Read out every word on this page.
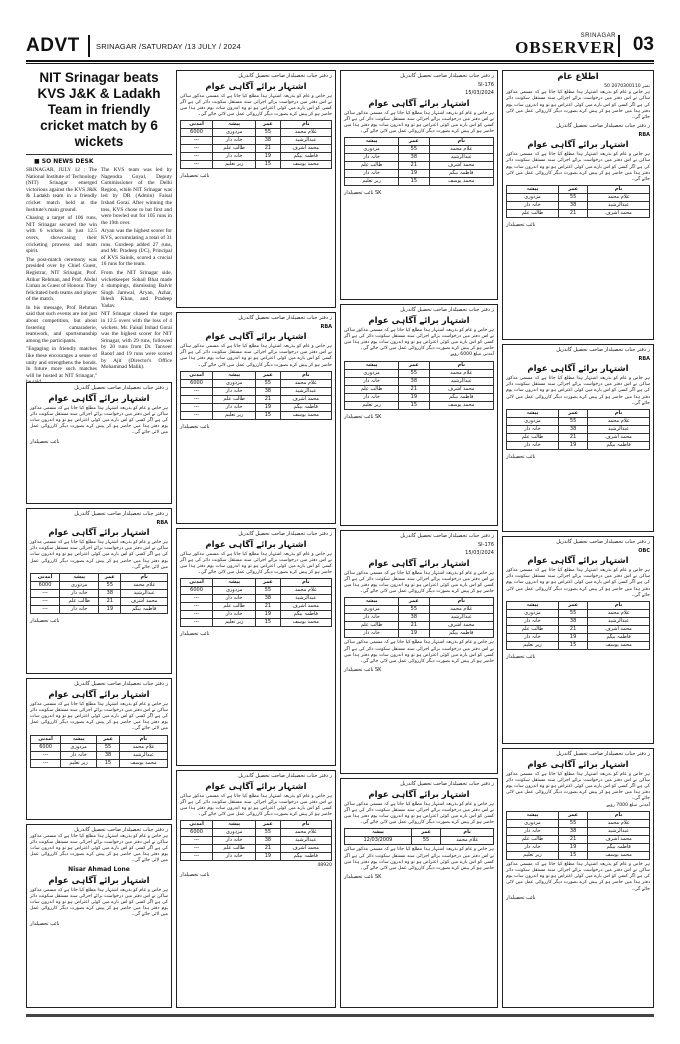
ADVT SRINAGAR /SATURDAY /13 JULY / 2024
SRINAGAR
OBSERVER 03
NIT Srinagar beats KVS J&K & Ladakh Team in friendly cricket match by 6 wickets
■ SO NEWS DESK

SRINAGAR, JULY 12 : The National Institute of Technology (NIT) Srinagar emerged victorious against the KVS J&K & Ladakh team in a friendly cricket match held at the Institute's main ground.

Chasing a target of 106 runs, NIT Srinagar secured the win with 6 wickets in just 12.5 overs, showcasing their cricketing prowess and team spirit.

The post-match ceremony was presided over by Chief Guest, Registrar, NIT Srinagar, Prof. Atikur Rehman, and Prof. Abdul Liman as Guest of Honour. They felicitated both teams and player of the match.

In his message, Prof Rehman said that such events are not just about competition, but about fostering camaraderie, teamwork, and sportsmanship among the participants.

"Engaging in friendly matches like these encourages a sense of unity and strengthens the bonds. In future more such matches will be hosted at NIT Srinagar,"

The KVS team was led by Nagendra Goyal, Deputy Commissioner of the Delhi Region, while NIT Srinagar was led by DR (Admin) Faisal Irshad Gorai. After winning the toss, KVS chose to bat first and were bowled out for 105 runs in the 19th over.

Aryan was the highest scorer for KVS, accumulating a total of 31 runs. Gurdeep added 27 runs, and Mr. Pradeep (I/C), Principal of KVS Sainik, scored a crucial 16 runs for the team.

From the NIT Srinagar side, wicketkeeper Sohail Bhat made 4 stumpings, dismissing Balvir Singh Jamwal, Aryan, Azhar, Iklesh Khan, and Pradeep Yadav.

NIT Srinagar chased the target in 12.5 overs with the loss of 4 wickets. Mr. Faisal Irshad Gorai was the highest scorer for NIT Srinagar, with 29 runs, followed by 20 runs from Dr. Tanveer Raoof and 19 runs were scored by Ajit (Director's Office Mohammad Malik).

ز دفتر جناب تحصیلدار صاحب تحصیل گاندربل
اشتہار برائے آگاہی عوام
ہر خاص و عام کو بذریعہ اشتہار ہذا مطلع کیا جاتا ہے کہ مسمی مذکور ساکن نے اس دفتر میں درخواست برائے اجرائی سند مستقل سکونت دائر کی ہے اگر کسی کو اس بارے میں کوئی اعتراض ہو تو وہ اندرون سات یوم دفتر ہذا میں حاضر ہو کر پیش کرے بصورت دیگر کارروائی عمل میں لائی جائے گی۔
نائب تحصیلدار
ز دفتر جناب تحصیلدار صاحب تحصیل گاندربل
RBA
اشتہار برائے آگاہی عوام
ہر خاص و عام کو بذریعہ اشتہار ہذا مطلع کیا جاتا ہے کہ مسمی مذکور ساکن نے اس دفتر میں درخواست برائے اجرائی سند مستقل سکونت دائر کی ہے اگر کسی کو اس بارے میں کوئی اعتراض ہو تو وہ اندرون سات یوم دفتر ہذا میں حاضر ہو کر پیش کرے بصورت دیگر کارروائی عمل میں لائی جائے گی۔
نام	عمر	پیشہ	آمدنی
غلام محمد	55	مزدوری	6000
عبدالرشید	38	خانہ دار	---
محمد اشرف	21	طالب علم	---
فاطمہ بیگم	19	خانہ دار	---
نائب تحصیلدار
ز دفتر جناب تحصیلدار صاحب تحصیل گاندربل
اشتہار برائے آگاہی عوام
ہر خاص و عام کو بذریعہ اشتہار ہذا مطلع کیا جاتا ہے کہ مسمی مذکور ساکن نے اس دفتر میں درخواست برائے اجرائی سند مستقل سکونت دائر کی ہے اگر کسی کو اس بارے میں کوئی اعتراض ہو تو وہ اندرون سات یوم دفتر ہذا میں حاضر ہو کر پیش کرے بصورت دیگر کارروائی عمل میں لائی جائے گی۔
نام	عمر	پیشہ	آمدنی
غلام محمد	55	مزدوری	6000
عبدالرشید	38	خانہ دار	---
محمد یوسف	15	زیر تعلیم	---
ز دفتر جناب تحصیلدار صاحب تحصیل گاندربل
ہر خاص و عام کو بذریعہ اشتہار ہذا مطلع کیا جاتا ہے کہ مسمی مذکور ساکن نے اس دفتر میں درخواست برائے اجرائی سند مستقل سکونت دائر کی ہے اگر کسی کو اس بارے میں کوئی اعتراض ہو تو وہ اندرون سات یوم دفتر ہذا میں حاضر ہو کر پیش کرے بصورت دیگر کارروائی عمل میں لائی جائے گی۔
Nisar Ahmad Lone
اشتہار برائے آگاہی عوام
ہر خاص و عام کو بذریعہ اشتہار ہذا مطلع کیا جاتا ہے کہ مسمی مذکور ساکن نے اس دفتر میں درخواست برائے اجرائی سند مستقل سکونت دائر کی ہے اگر کسی کو اس بارے میں کوئی اعتراض ہو تو وہ اندرون سات یوم دفتر ہذا میں حاضر ہو کر پیش کرے بصورت دیگر کارروائی عمل میں لائی جائے گی۔
نائب تحصیلدار
ز دفتر جناب تحصیلدار صاحب تحصیل گاندربل
اشتہار برائے آگاہی عوام
ہر خاص و عام کو بذریعہ اشتہار ہذا مطلع کیا جاتا ہے کہ مسمی مذکور ساکن نے اس دفتر میں درخواست برائے اجرائی سند مستقل سکونت دائر کی ہے اگر کسی کو اس بارے میں کوئی اعتراض ہو تو وہ اندرون سات یوم دفتر ہذا میں حاضر ہو کر پیش کرے بصورت دیگر کارروائی عمل میں لائی جائے گی۔
نام	عمر	پیشہ	آمدنی
غلام محمد	55	مزدوری	6000
عبدالرشید	38	خانہ دار	---
محمد اشرف	21	طالب علم	---
فاطمہ بیگم	19	خانہ دار	---
محمد یوسف	15	زیر تعلیم	---
نائب تحصیلدار
ز دفتر جناب تحصیلدار صاحب تحصیل گاندربل
RBA
اشتہار برائے آگاہی عوام
ہر خاص و عام کو بذریعہ اشتہار ہذا مطلع کیا جاتا ہے کہ مسمی مذکور ساکن نے اس دفتر میں درخواست برائے اجرائی سند مستقل سکونت دائر کی ہے اگر کسی کو اس بارے میں کوئی اعتراض ہو تو وہ اندرون سات یوم دفتر ہذا میں حاضر ہو کر پیش کرے بصورت دیگر کارروائی عمل میں لائی جائے گی۔
نام	عمر	پیشہ	آمدنی
غلام محمد	55	مزدوری	6000
عبدالرشید	38	خانہ دار	---
محمد اشرف	21	طالب علم	---
فاطمہ بیگم	19	خانہ دار	---
محمد یوسف	15	زیر تعلیم	---
نائب تحصیلدار
ز دفتر جناب تحصیلدار صاحب تحصیل گاندربل
اشتہار برائے آگاہی عوام
ہر خاص و عام کو بذریعہ اشتہار ہذا مطلع کیا جاتا ہے کہ مسمی مذکور ساکن نے اس دفتر میں درخواست برائے اجرائی سند مستقل سکونت دائر کی ہے اگر کسی کو اس بارے میں کوئی اعتراض ہو تو وہ اندرون سات یوم دفتر ہذا میں حاضر ہو کر پیش کرے بصورت دیگر کارروائی عمل میں لائی جائے گی۔
نام	عمر	پیشہ	آمدنی
غلام محمد	55	مزدوری	6000
عبدالرشید	38	خانہ دار	---
محمد اشرف	21	طالب علم	---
فاطمہ بیگم	19	خانہ دار	---
محمد یوسف	15	زیر تعلیم	---
نائب تحصیلدار
ز دفتر جناب تحصیلدار صاحب تحصیل گاندربل
اشتہار برائے آگاہی عوام
ہر خاص و عام کو بذریعہ اشتہار ہذا مطلع کیا جاتا ہے کہ مسمی مذکور ساکن نے اس دفتر میں درخواست برائے اجرائی سند مستقل سکونت دائر کی ہے اگر کسی کو اس بارے میں کوئی اعتراض ہو تو وہ اندرون سات یوم دفتر ہذا میں حاضر ہو کر پیش کرے بصورت دیگر کارروائی عمل میں لائی جائے گی۔
نام	عمر	پیشہ	آمدنی
غلام محمد	55	مزدوری	6000
عبدالرشید	38	خانہ دار	---
محمد اشرف	21	طالب علم	---
فاطمہ بیگم	19	خانہ دار	---
48920
نائب تحصیلدار
ز دفتر جناب تحصیلدار صاحب تحصیل گاندربل
SI-176
15/03/2024
اشتہار برائے آگاہی عوام
ہر خاص و عام کو بذریعہ اشتہار ہذا مطلع کیا جاتا ہے کہ مسمی مذکور ساکن نے اس دفتر میں درخواست برائے اجرائی سند مستقل سکونت دائر کی ہے اگر کسی کو اس بارے میں کوئی اعتراض ہو تو وہ اندرون سات یوم دفتر ہذا میں حاضر ہو کر پیش کرے بصورت دیگر کارروائی عمل میں لائی جائے گی۔
نام	عمر	پیشہ
غلام محمد	55	مزدوری
عبدالرشید	38	خانہ دار
محمد اشرف	21	طالب علم
فاطمہ بیگم	19	خانہ دار
محمد یوسف	15	زیر تعلیم
SK نائب تحصیلدار
ز دفتر جناب تحصیلدار صاحب تحصیل گاندربل
اشتہار برائے آگاہی عوام
ہر خاص و عام کو بذریعہ اشتہار ہذا مطلع کیا جاتا ہے کہ مسمی مذکور ساکن نے اس دفتر میں درخواست برائے اجرائی سند مستقل سکونت دائر کی ہے اگر کسی کو اس بارے میں کوئی اعتراض ہو تو وہ اندرون سات یوم دفتر ہذا میں حاضر ہو کر پیش کرے بصورت دیگر کارروائی عمل میں لائی جائے گی۔
آمدنی مبلغ 6000 روپے
نام	عمر	پیشہ
غلام محمد	55	مزدوری
عبدالرشید	38	خانہ دار
محمد اشرف	21	طالب علم
فاطمہ بیگم	19	خانہ دار
محمد یوسف	15	زیر تعلیم
SK نائب تحصیلدار
ز دفتر جناب تحصیلدار صاحب تحصیل گاندربل
SI-176
15/03/2024
اشتہار برائے آگاہی عوام
ہر خاص و عام کو بذریعہ اشتہار ہذا مطلع کیا جاتا ہے کہ مسمی مذکور ساکن نے اس دفتر میں درخواست برائے اجرائی سند مستقل سکونت دائر کی ہے اگر کسی کو اس بارے میں کوئی اعتراض ہو تو وہ اندرون سات یوم دفتر ہذا میں حاضر ہو کر پیش کرے بصورت دیگر کارروائی عمل میں لائی جائے گی۔
نام	عمر	پیشہ
غلام محمد	55	مزدوری
عبدالرشید	38	خانہ دار
محمد اشرف	21	طالب علم
فاطمہ بیگم	19	خانہ دار
ہر خاص و عام کو بذریعہ اشتہار ہذا مطلع کیا جاتا ہے کہ مسمی مذکور ساکن نے اس دفتر میں درخواست برائے اجرائی سند مستقل سکونت دائر کی ہے اگر کسی کو اس بارے میں کوئی اعتراض ہو تو وہ اندرون سات یوم دفتر ہذا میں حاضر ہو کر پیش کرے بصورت دیگر کارروائی عمل میں لائی جائے گی۔
SK نائب تحصیلدار
ز دفتر جناب تحصیلدار صاحب تحصیل گاندربل
اشتہار برائے آگاہی عوام
ہر خاص و عام کو بذریعہ اشتہار ہذا مطلع کیا جاتا ہے کہ مسمی مذکور ساکن نے اس دفتر میں درخواست برائے اجرائی سند مستقل سکونت دائر کی ہے اگر کسی کو اس بارے میں کوئی اعتراض ہو تو وہ اندرون سات یوم دفتر ہذا میں حاضر ہو کر پیش کرے بصورت دیگر کارروائی عمل میں لائی جائے گی۔
نام	عمر	پیشہ
غلام محمد	55	12/03/2009
ہر خاص و عام کو بذریعہ اشتہار ہذا مطلع کیا جاتا ہے کہ مسمی مذکور ساکن نے اس دفتر میں درخواست برائے اجرائی سند مستقل سکونت دائر کی ہے اگر کسی کو اس بارے میں کوئی اعتراض ہو تو وہ اندرون سات یوم دفتر ہذا میں حاضر ہو کر پیش کرے بصورت دیگر کارروائی عمل میں لائی جائے گی۔
SK نائب تحصیلدار
اطلاع عام
نمبر 2070300110 50
ہر خاص و عام کو بذریعہ اشتہار ہذا مطلع کیا جاتا ہے کہ مسمی مذکور ساکن نے اس دفتر میں درخواست برائے اجرائی سند مستقل سکونت دائر کی ہے اگر کسی کو اس بارے میں کوئی اعتراض ہو تو وہ اندرون سات یوم دفتر ہذا میں حاضر ہو کر پیش کرے بصورت دیگر کارروائی عمل میں لائی جائے گی۔
ز دفتر جناب تحصیلدار صاحب تحصیل گاندربل
RBA
اشتہار برائے آگاہی عوام
ہر خاص و عام کو بذریعہ اشتہار ہذا مطلع کیا جاتا ہے کہ مسمی مذکور ساکن نے اس دفتر میں درخواست برائے اجرائی سند مستقل سکونت دائر کی ہے اگر کسی کو اس بارے میں کوئی اعتراض ہو تو وہ اندرون سات یوم دفتر ہذا میں حاضر ہو کر پیش کرے بصورت دیگر کارروائی عمل میں لائی جائے گی۔
نام	عمر	پیشہ
غلام محمد	55	مزدوری
عبدالرشید	38	خانہ دار
محمد اشرف	21	طالب علم
نائب تحصیلدار
ز دفتر جناب تحصیلدار صاحب تحصیل گاندربل
RBA
اشتہار برائے آگاہی عوام
ہر خاص و عام کو بذریعہ اشتہار ہذا مطلع کیا جاتا ہے کہ مسمی مذکور ساکن نے اس دفتر میں درخواست برائے اجرائی سند مستقل سکونت دائر کی ہے اگر کسی کو اس بارے میں کوئی اعتراض ہو تو وہ اندرون سات یوم دفتر ہذا میں حاضر ہو کر پیش کرے بصورت دیگر کارروائی عمل میں لائی جائے گی۔
نام	عمر	پیشہ
غلام محمد	55	مزدوری
عبدالرشید	38	خانہ دار
محمد اشرف	21	طالب علم
فاطمہ بیگم	19	خانہ دار
نائب تحصیلدار
ز دفتر جناب تحصیلدار صاحب تحصیل گاندربل
OBC
اشتہار برائے آگاہی عوام
ہر خاص و عام کو بذریعہ اشتہار ہذا مطلع کیا جاتا ہے کہ مسمی مذکور ساکن نے اس دفتر میں درخواست برائے اجرائی سند مستقل سکونت دائر کی ہے اگر کسی کو اس بارے میں کوئی اعتراض ہو تو وہ اندرون سات یوم دفتر ہذا میں حاضر ہو کر پیش کرے بصورت دیگر کارروائی عمل میں لائی جائے گی۔
نام	عمر	پیشہ
غلام محمد	55	مزدوری
عبدالرشید	38	خانہ دار
محمد اشرف	21	طالب علم
فاطمہ بیگم	19	خانہ دار
محمد یوسف	15	زیر تعلیم
نائب تحصیلدار
ز دفتر جناب تحصیلدار صاحب تحصیل گاندربل
اشتہار برائے آگاہی عوام
ہر خاص و عام کو بذریعہ اشتہار ہذا مطلع کیا جاتا ہے کہ مسمی مذکور ساکن نے اس دفتر میں درخواست برائے اجرائی سند مستقل سکونت دائر کی ہے اگر کسی کو اس بارے میں کوئی اعتراض ہو تو وہ اندرون سات یوم دفتر ہذا میں حاضر ہو کر پیش کرے بصورت دیگر کارروائی عمل میں لائی جائے گی۔
آمدنی مبلغ 7000 روپے
نام	عمر	پیشہ
غلام محمد	55	مزدوری
عبدالرشید	38	خانہ دار
محمد اشرف	21	طالب علم
فاطمہ بیگم	19	خانہ دار
محمد یوسف	15	زیر تعلیم
ہر خاص و عام کو بذریعہ اشتہار ہذا مطلع کیا جاتا ہے کہ مسمی مذکور ساکن نے اس دفتر میں درخواست برائے اجرائی سند مستقل سکونت دائر کی ہے اگر کسی کو اس بارے میں کوئی اعتراض ہو تو وہ اندرون سات یوم دفتر ہذا میں حاضر ہو کر پیش کرے بصورت دیگر کارروائی عمل میں لائی جائے گی۔
نائب تحصیلدار
